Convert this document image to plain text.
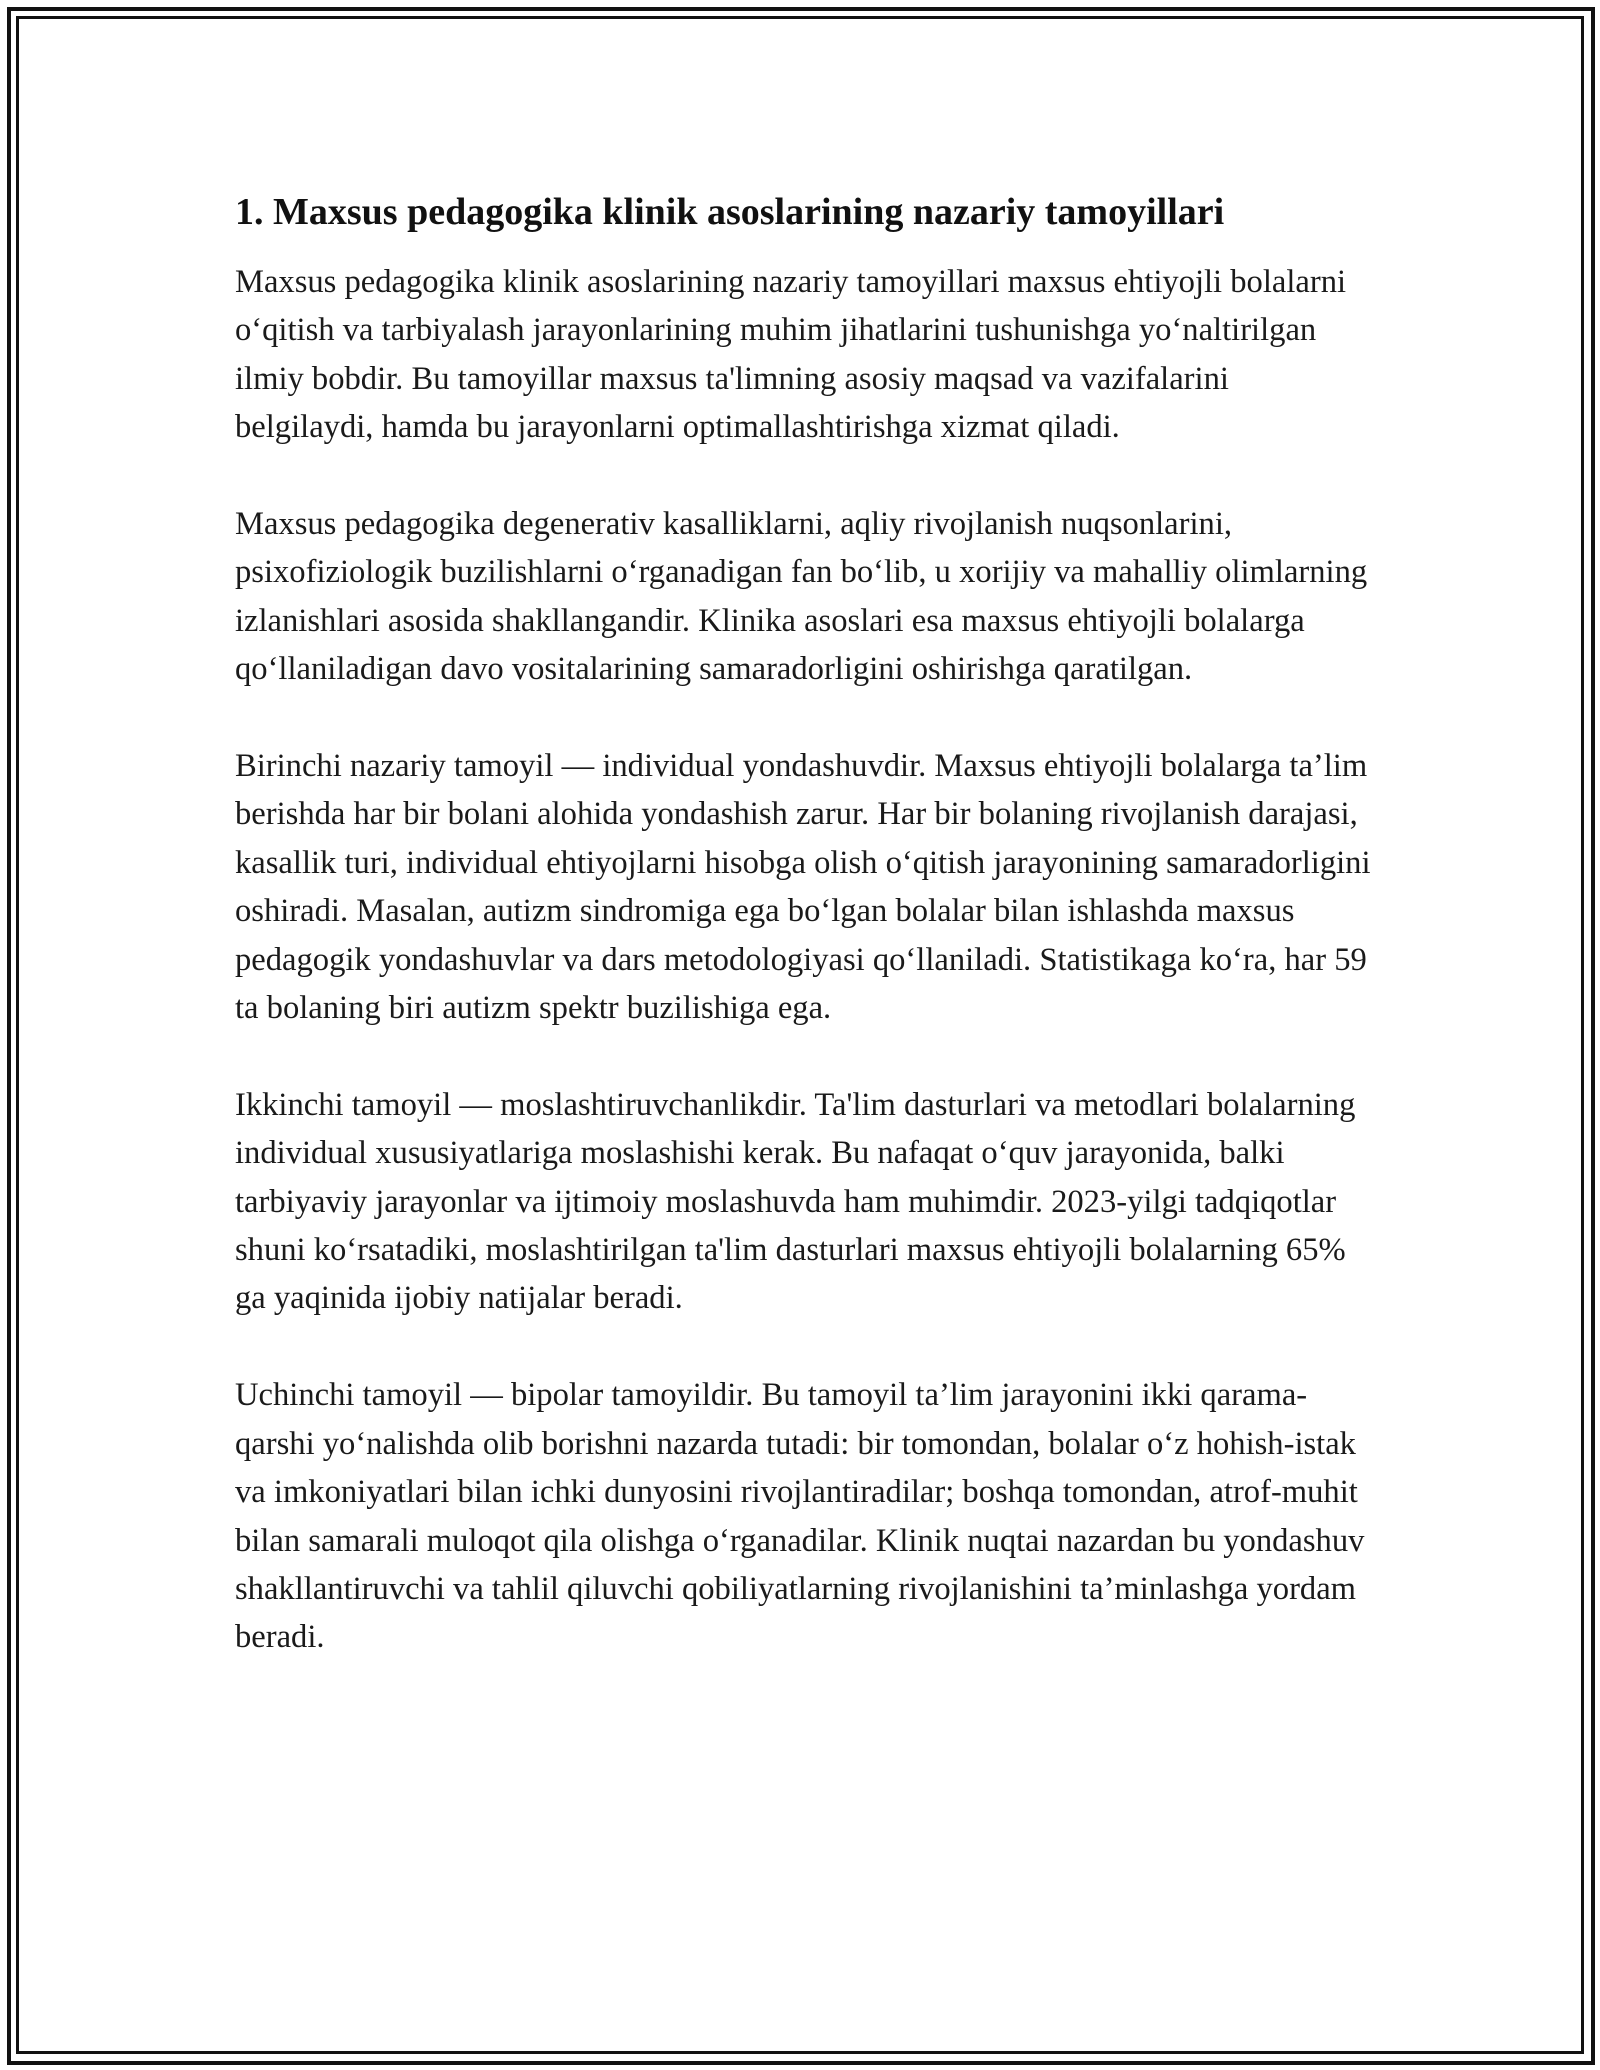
1. Maxsus pedagogika klinik asoslarining nazariy tamoyillari

Maxsus pedagogika klinik asoslarining nazariy tamoyillari maxsus ehtiyojli bolalarni o‘qitish va tarbiyalash jarayonlarining muhim jihatlarini tushunishga yo‘naltirilgan ilmiy bobdir. Bu tamoyillar maxsus ta'limning asosiy maqsad va vazifalarini belgilaydi, hamda bu jarayonlarni optimallashtirishga xizmat qiladi.

Maxsus pedagogika degenerativ kasalliklarni, aqliy rivojlanish nuqsonlarini, psixofiziologik buzilishlarni o‘rganadigan fan bo‘lib, u xorijiy va mahalliy olimlarning izlanishlari asosida shakllangandir. Klinika asoslari esa maxsus ehtiyojli bolalarga qo‘llaniladigan davo vositalarining samaradorligini oshirishga qaratilgan.

Birinchi nazariy tamoyil — individual yondashuvdir. Maxsus ehtiyojli bolalarga ta’lim berishda har bir bolani alohida yondashish zarur. Har bir bolaning rivojlanish darajasi, kasallik turi, individual ehtiyojlarni hisobga olish o‘qitish jarayonining samaradorligini oshiradi. Masalan, autizm sindromiga ega bo‘lgan bolalar bilan ishlashda maxsus pedagogik yondashuvlar va dars metodologiyasi qo‘llaniladi. Statistikaga ko‘ra, har 59 ta bolaning biri autizm spektr buzilishiga ega.

Ikkinchi tamoyil — moslashtiruvchanlikdir. Ta'lim dasturlari va metodlari bolalarning individual xususiyatlariga moslashishi kerak. Bu nafaqat o‘quv jarayonida, balki tarbiyaviy jarayonlar va ijtimoiy moslashuvda ham muhimdir. 2023-yilgi tadqiqotlar shuni ko‘rsatadiki, moslashtirilgan ta'lim dasturlari maxsus ehtiyojli bolalarning 65% ga yaqinida ijobiy natijalar beradi.

Uchinchi tamoyil — bipolar tamoyildir. Bu tamoyil ta’lim jarayonini ikki qarama-qarshi yo‘nalishda olib borishni nazarda tutadi: bir tomondan, bolalar o‘z hohish-istak va imkoniyatlari bilan ichki dunyosini rivojlantiradilar; boshqa tomondan, atrof-muhit bilan samarali muloqot qila olishga o‘rganadilar. Klinik nuqtai nazardan bu yondashuv shakllantiruvchi va tahlil qiluvchi qobiliyatlarning rivojlanishini ta’minlashga yordam beradi.
